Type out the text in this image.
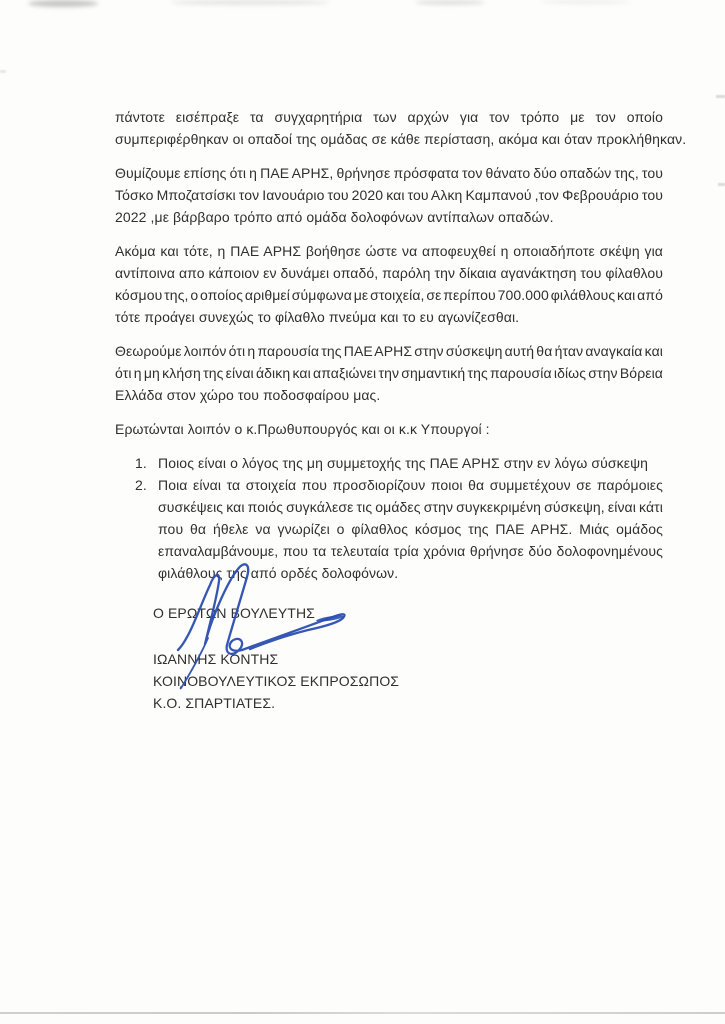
πάντοτε εισέπραξε τα συγχαρητήρια των αρχών για τον τρόπο με τον οποίο
συμπεριφέρθηκαν οι οπαδοί της ομάδας σε κάθε περίσταση, ακόμα και όταν προκλήθηκαν.
Θυμίζουμε επίσης ότι η ΠΑΕ ΑΡΗΣ, θρήνησε πρόσφατα τον θάνατο δύο οπαδών της, του
Τόσκο Μποζατσίσκι τον Ιανουάριο του 2020 και του Αλκη Καμπανού ,τον Φεβρουάριο του
2022 ,με βάρβαρο τρόπο από ομάδα δολοφόνων αντίπαλων οπαδών.
Ακόμα και τότε, η ΠΑΕ ΑΡΗΣ βοήθησε ώστε να αποφευχθεί η οποιαδήποτε σκέψη για
αντίποινα απο κάποιον εν δυνάμει οπαδό, παρόλη την δίκαια αγανάκτηση του φίλαθλου
κόσμου της, ο οποίος αριθμεί σύμφωνα με στοιχεία, σε περίπου 700.000 φιλάθλους και από
τότε προάγει συνεχώς το φίλαθλο πνεύμα και το ευ αγωνίζεσθαι.
Θεωρούμε λοιπόν ότι η παρουσία της ΠΑΕ ΑΡΗΣ στην σύσκεψη αυτή θα ήταν αναγκαία και
ότι η μη κλήση της είναι άδικη και απαξιώνει την σημαντική της παρουσία ιδίως στην Βόρεια
Ελλάδα στον χώρο του ποδοσφαίρου μας.
Ερωτώνται λοιπόν ο κ.Πρωθυπουργός και οι κ.κ Υπουργοί :
1. Ποιος είναι ο λόγος της μη συμμετοχής της ΠΑΕ ΑΡΗΣ στην εν λόγω σύσκεψη
2. Ποια είναι τα στοιχεία που προσδιορίζουν ποιοι θα συμμετέχουν σε παρόμοιες
συσκέψεις και ποιός συγκάλεσε τις ομάδες στην συγκεκριμένη σύσκεψη, είναι κάτι
που θα ήθελε να γνωρίζει ο φίλαθλος κόσμος της ΠΑΕ ΑΡΗΣ. Μιάς ομάδος
επαναλαμβάνουμε, που τα τελευταία τρία χρόνια θρήνησε δύο δολοφονημένους
φιλάθλους της από ορδές δολοφόνων.
Ο ΕΡΩΤΩΝ ΒΟΥΛΕΥΤΗΣ
ΙΩΑΝΝΗΣ ΚΟΝΤΗΣ
ΚΟΙΝΟΒΟΥΛΕΥΤΙΚΟΣ ΕΚΠΡΟΣΩΠΟΣ
Κ.Ο. ΣΠΑΡΤΙΑΤΕΣ.
